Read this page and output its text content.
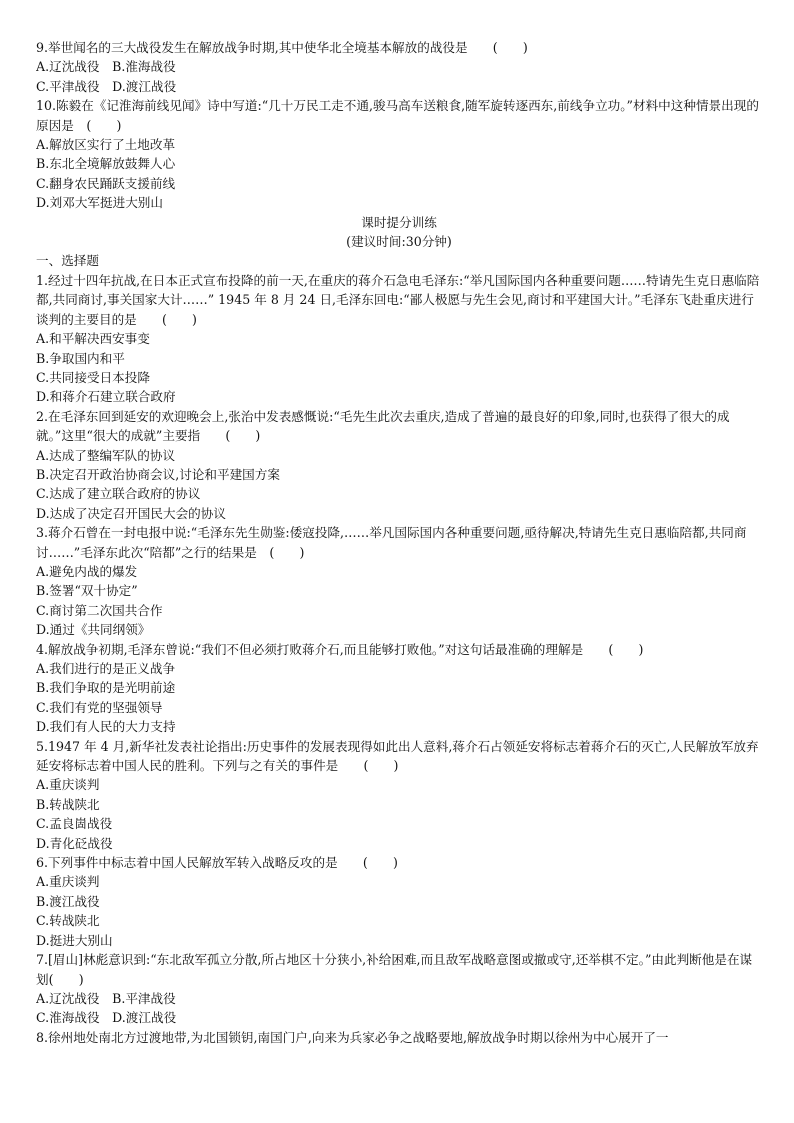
9.举世闻名的三大战役发生在解放战争时期,其中使华北全境基本解放的战役是　　(　　)
A.辽沈战役　B.淮海战役
C.平津战役　D.渡江战役
10.陈毅在《记淮海前线见闻》诗中写道:“几十万民工走不通,骏马高车送粮食,随军旋转逐西东,前线争立功。”材料中这种情景出现的原因是　(　　)
A.解放区实行了土地改革
B.东北全境解放鼓舞人心
C.翻身农民踊跃支援前线
D.刘邓大军挺进大别山
课时提分训练
(建议时间:30分钟)
一、选择题
1.经过十四年抗战,在日本正式宣布投降的前一天,在重庆的蒋介石急电毛泽东:“举凡国际国内各种重要问题……特请先生克日惠临陪都,共同商讨,事关国家大计……” 1945 年 8 月 24 日,毛泽东回电:“鄙人极愿与先生会见,商讨和平建国大计。”毛泽东飞赴重庆进行谈判的主要目的是　　(　　)
A.和平解决西安事变
B.争取国内和平
C.共同接受日本投降
D.和蒋介石建立联合政府
2.在毛泽东回到延安的欢迎晚会上,张治中发表感慨说:“毛先生此次去重庆,造成了普遍的最良好的印象,同时,也获得了很大的成就。”这里“很大的成就”主要指　　(　　)
A.达成了整编军队的协议
B.决定召开政治协商会议,讨论和平建国方案
C.达成了建立联合政府的协议
D.达成了决定召开国民大会的协议
3.蒋介石曾在一封电报中说:“毛泽东先生勋鉴:倭寇投降,……举凡国际国内各种重要问题,亟待解决,特请先生克日惠临陪都,共同商讨……”毛泽东此次“陪都”之行的结果是　(　　)
A.避免内战的爆发
B.签署“双十协定”
C.商讨第二次国共合作
D.通过《共同纲领》
4.解放战争初期,毛泽东曾说:“我们不但必须打败蒋介石,而且能够打败他。”对这句话最准确的理解是　　(　　)
A.我们进行的是正义战争
B.我们争取的是光明前途
C.我们有党的坚强领导
D.我们有人民的大力支持
5.1947 年 4 月,新华社发表社论指出:历史事件的发展表现得如此出人意料,蒋介石占领延安将标志着蒋介石的灭亡,人民解放军放弃延安将标志着中国人民的胜利。下列与之有关的事件是　　(　　)
A.重庆谈判
B.转战陕北
C.孟良崮战役
D.青化砭战役
6.下列事件中标志着中国人民解放军转入战略反攻的是　　(　　)
A.重庆谈判
B.渡江战役
C.转战陕北
D.挺进大别山
7.[眉山]林彪意识到:“东北敌军孤立分散,所占地区十分狭小,补给困难,而且敌军战略意图或撤或守,还举棋不定。”由此判断他是在谋划(　　)
A.辽沈战役　B.平津战役
C.淮海战役　D.渡江战役
8.徐州地处南北方过渡地带,为北国锁钥,南国门户,向来为兵家必争之战略要地,解放战争时期以徐州为中心展开了一
